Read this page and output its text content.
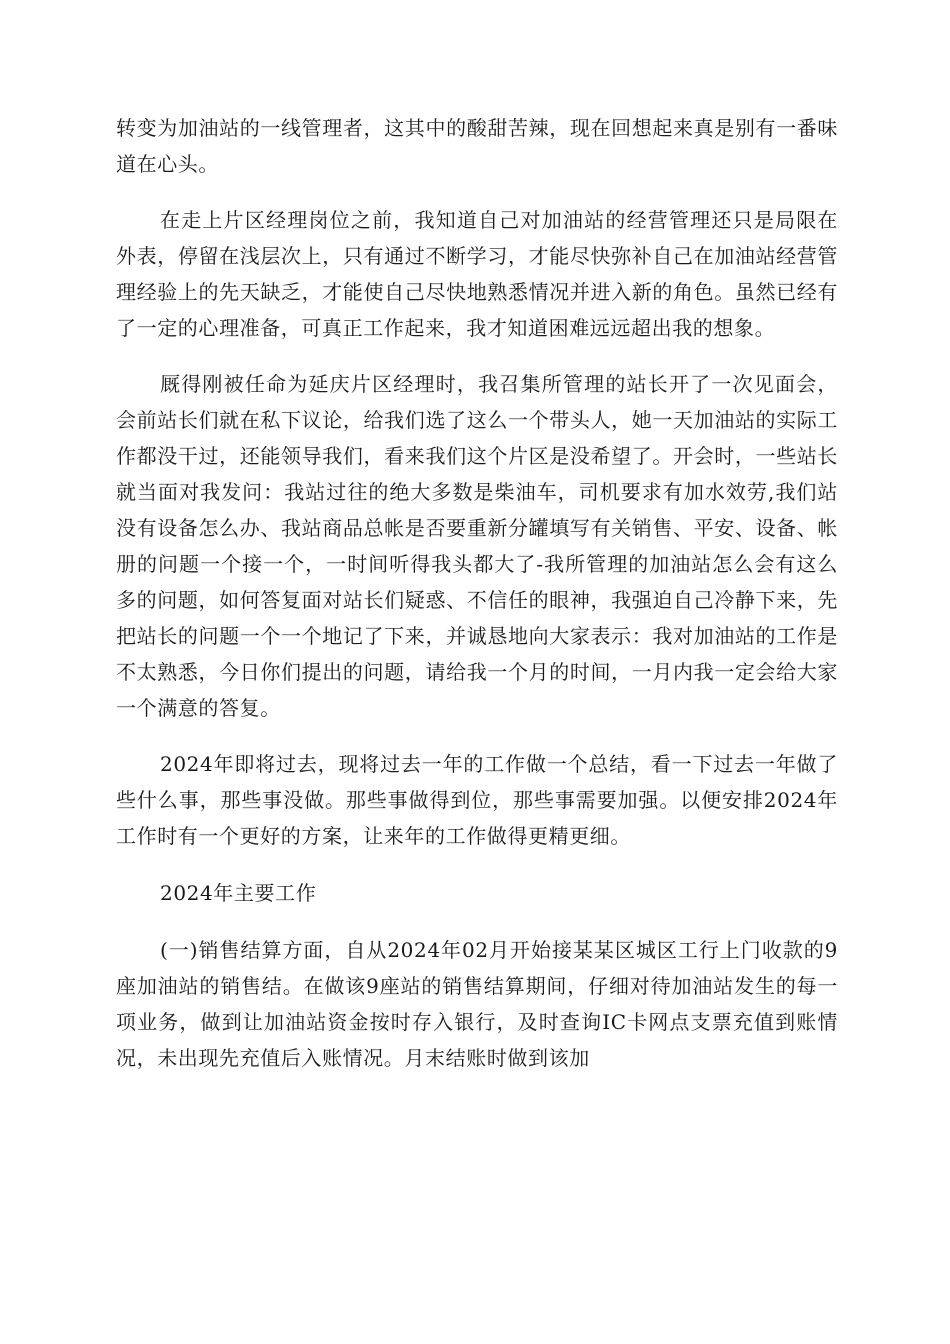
转变为加油站的一线管理者，这其中的酸甜苦辣，现在回想起来真是别有一番味道在心头。

在走上片区经理岗位之前，我知道自己对加油站的经营管理还只是局限在外表，停留在浅层次上，只有通过不断学习，才能尽快弥补自己在加油站经营管理经验上的先天缺乏，才能使自己尽快地熟悉情况并进入新的角色。虽然已经有了一定的心理准备，可真正工作起来，我才知道困难远远超出我的想象。

厩得刚被任命为延庆片区经理时，我召集所管理的站长开了一次见面会，会前站长们就在私下议论，给我们选了这么一个带头人，她一天加油站的实际工作都没干过，还能领导我们，看来我们这个片区是没希望了。开会时，一些站长就当面对我发问：我站过往的绝大多数是柴油车，司机要求有加水效劳,我们站没有设备怎么办、我站商品总帐是否要重新分罐填写有关销售、平安、设备、帐册的问题一个接一个，一时间听得我头都大了-我所管理的加油站怎么会有这么多的问题，如何答复面对站长们疑惑、不信任的眼神，我强迫自己冷静下来，先把站长的问题一个一个地记了下来，并诚恳地向大家表示：我对加油站的工作是不太熟悉，今日你们提出的问题，请给我一个月的时间，一月内我一定会给大家一个满意的答复。

2024年即将过去，现将过去一年的工作做一个总结，看一下过去一年做了些什么事，那些事没做。那些事做得到位，那些事需要加强。以便安排2024年工作时有一个更好的方案，让来年的工作做得更精更细。

2024年主要工作

(一)销售结算方面，自从2024年02月开始接某某区城区工行上门收款的9座加油站的销售结。在做该9座站的销售结算期间，仔细对待加油站发生的每一项业务，做到让加油站资金按时存入银行，及时查询IC卡网点支票充值到账情况，未出现先充值后入账情况。月末结账时做到该加
